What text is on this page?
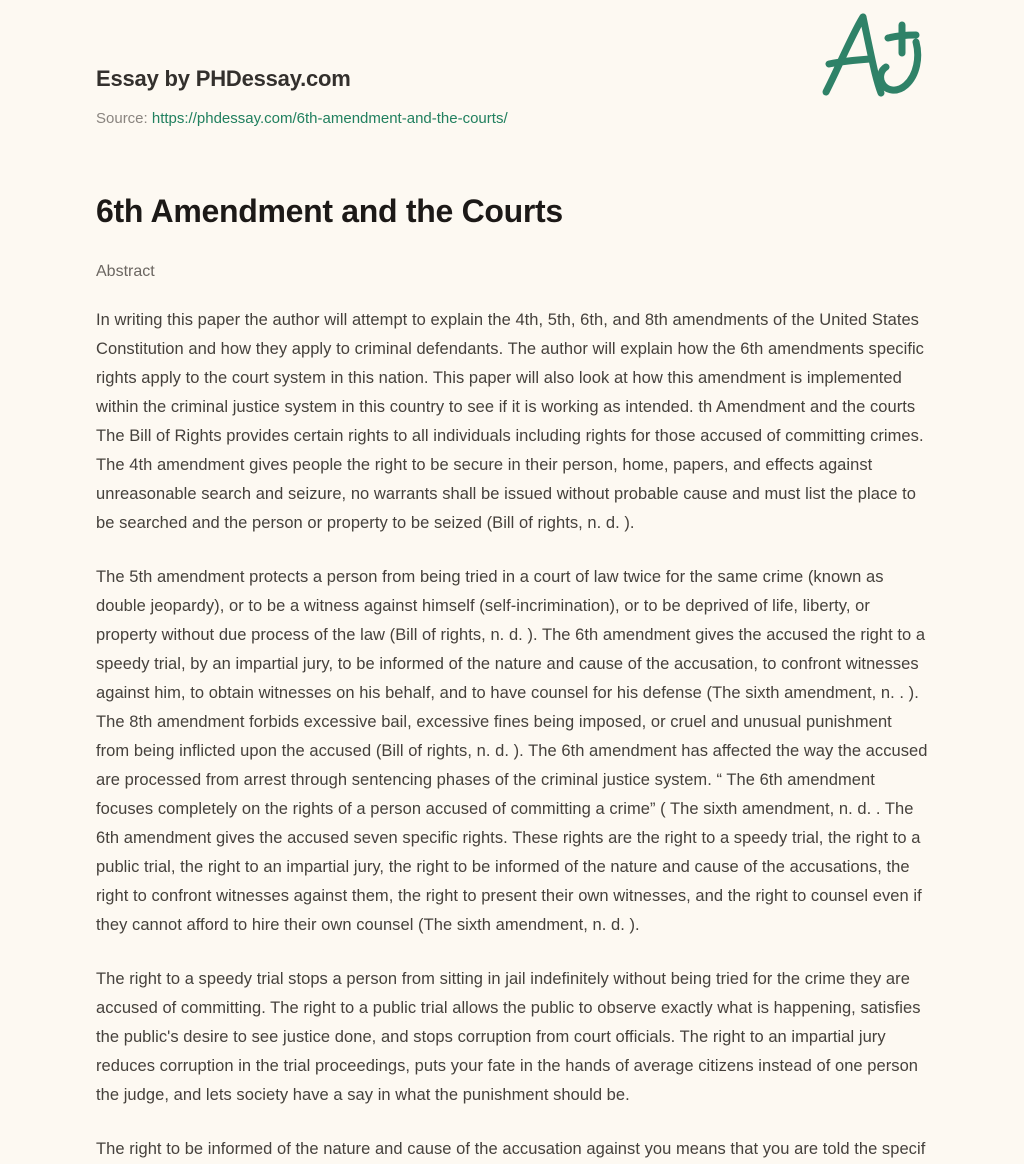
Essay by PHDessay.com
Source: https://phdessay.com/6th-amendment-and-the-courts/
6th Amendment and the Courts
Abstract

In writing this paper the author will attempt to explain the 4th, 5th, 6th, and 8th amendments of the United States Constitution and how they apply to criminal defendants. The author will explain how the 6th amendments specific rights apply to the court system in this nation. This paper will also look at how this amendment is implemented within the criminal justice system in this country to see if it is working as intended. th Amendment and the courts The Bill of Rights provides certain rights to all individuals including rights for those accused of committing crimes. The 4th amendment gives people the right to be secure in their person, home, papers, and effects against unreasonable search and seizure, no warrants shall be issued without probable cause and must list the place to be searched and the person or property to be seized (Bill of rights, n. d. ).

The 5th amendment protects a person from being tried in a court of law twice for the same crime (known as double jeopardy), or to be a witness against himself (self-incrimination), or to be deprived of life, liberty, or property without due process of the law (Bill of rights, n. d. ). The 6th amendment gives the accused the right to a speedy trial, by an impartial jury, to be informed of the nature and cause of the accusation, to confront witnesses against him, to obtain witnesses on his behalf, and to have counsel for his defense (The sixth amendment, n. . ). The 8th amendment forbids excessive bail, excessive fines being imposed, or cruel and unusual punishment from being inflicted upon the accused (Bill of rights, n. d. ). The 6th amendment has affected the way the accused are processed from arrest through sentencing phases of the criminal justice system. “ The 6th amendment focuses completely on the rights of a person accused of committing a crime” ( The sixth amendment, n. d. . The 6th amendment gives the accused seven specific rights. These rights are the right to a speedy trial, the right to a public trial, the right to an impartial jury, the right to be informed of the nature and cause of the accusations, the right to confront witnesses against them, the right to present their own witnesses, and the right to counsel even if they cannot afford to hire their own counsel (The sixth amendment, n. d. ).

The right to a speedy trial stops a person from sitting in jail indefinitely without being tried for the crime they are accused of committing. The right to a public trial allows the public to observe exactly what is happening, satisfies the public's desire to see justice done, and stops corruption from court officials. The right to an impartial jury reduces corruption in the trial proceedings, puts your fate in the hands of average citizens instead of one person the judge, and lets society have a say in what the punishment should be.

The right to be informed of the nature and cause of the accusation against you means that you are told the specif
